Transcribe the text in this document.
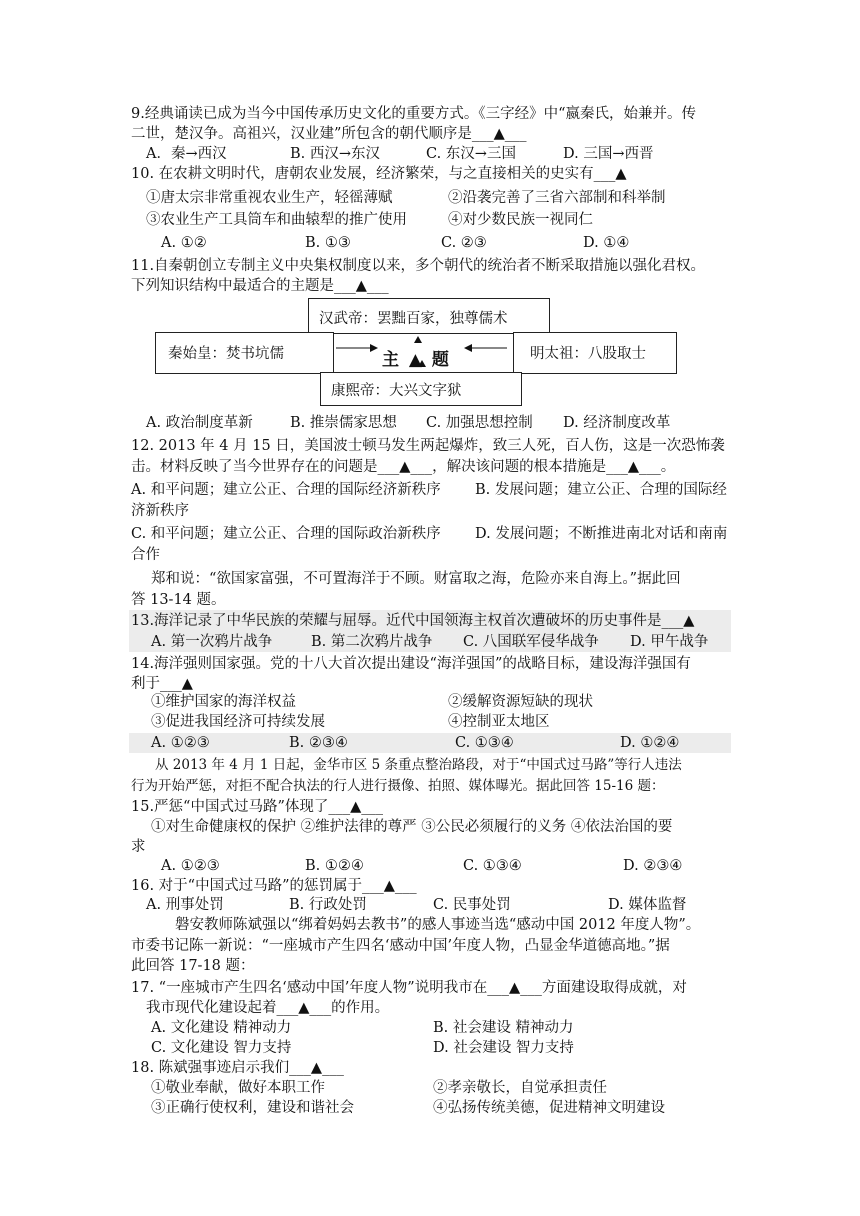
9.经典诵读已成为当今中国传承历史文化的重要方式。《三字经》中“嬴秦氏，始兼并。传
二世，楚汉争。高祖兴，汉业建”所包含的朝代顺序是___▲___
A．秦→西汉	B. 西汉→东汉	C. 东汉→三国	D. 三国→西晋
10. 在农耕文明时代，唐朝农业发展，经济繁荣，与之直接相关的史实有___▲
①唐太宗非常重视农业生产，轻徭薄赋	②沿袭完善了三省六部制和科举制
③农业生产工具筒车和曲辕犁的推广使用	④对少数民族一视同仁
A. ①②	B. ①③	C. ②③	D. ①④
11.自秦朝创立专制主义中央集权制度以来，多个朝代的统治者不断采取措施以强化君权。
下列知识结构中最适合的主题是___▲___
汉武帝：罢黜百家，独尊儒术
秦始皇：焚书坑儒	明太祖：八股取士
康熙帝：大兴文字狱
主 ▲ 题
A. 政治制度革新	B. 推崇儒家思想 C. 加强思想控制 D. 经济制度改革
12. 2013 年 4 月 15 日，美国波士顿马发生两起爆炸，致三人死，百人伤，这是一次恐怖袭
击。材料反映了当今世界存在的问题是___▲___，解决该问题的根本措施是___▲___。
A. 和平问题；建立公正、合理的国际经济新秩序 B. 发展问题；建立公正、合理的国际经
济新秩序
C. 和平问题；建立公正、合理的国际政治新秩序 D. 发展问题；不断推进南北对话和南南
合作
郑和说：“欲国家富强，不可置海洋于不顾。财富取之海，危险亦来自海上。”据此回
答 13-14 题。
13.海洋记录了中华民族的荣耀与屈辱。近代中国领海主权首次遭破坏的历史事件是___▲
A. 第一次鸦片战争	B. 第二次鸦片战争 C. 八国联军侵华战争 D. 甲午战争
14.海洋强则国家强。党的十八大首次提出建设“海洋强国”的战略目标，建设海洋强国有
利于___▲
①维护国家的海洋权益	②缓解资源短缺的现状
③促进我国经济可持续发展	④控制亚太地区
A. ①②③	B. ②③④	C. ①③④	D. ①②④
从 2013 年 4 月 1 日起，金华市区 5 条重点整治路段，对于“中国式过马路”等行人违法
行为开始严惩，对拒不配合执法的行人进行摄像、拍照、媒体曝光。据此回答 15-16 题：
15.严惩“中国式过马路”体现了___▲___
①对生命健康权的保护 ②维护法律的尊严 ③公民必须履行的义务 ④依法治国的要
求
A. ①②③	B. ①②④	C. ①③④	D. ②③④
16. 对于“中国式过马路”的惩罚属于___▲___
A. 刑事处罚	B. 行政处罚	C. 民事处罚	D. 媒体监督
磐安教师陈斌强以“绑着妈妈去教书”的感人事迹当选“感动中国 2012 年度人物”。
市委书记陈一新说：“一座城市产生四名‘感动中国’年度人物，凸显金华道德高地。”据
此回答 17-18 题：
17. “一座城市产生四名‘感动中国’年度人物”说明我市在___▲___方面建设取得成就，对
我市现代化建设起着___▲___的作用。
A. 文化建设 精神动力	B. 社会建设 精神动力
C. 文化建设 智力支持	D. 社会建设 智力支持
18. 陈斌强事迹启示我们___▲___
①敬业奉献，做好本职工作	②孝亲敬长，自觉承担责任
③正确行使权利，建设和谐社会	④弘扬传统美德，促进精神文明建设
